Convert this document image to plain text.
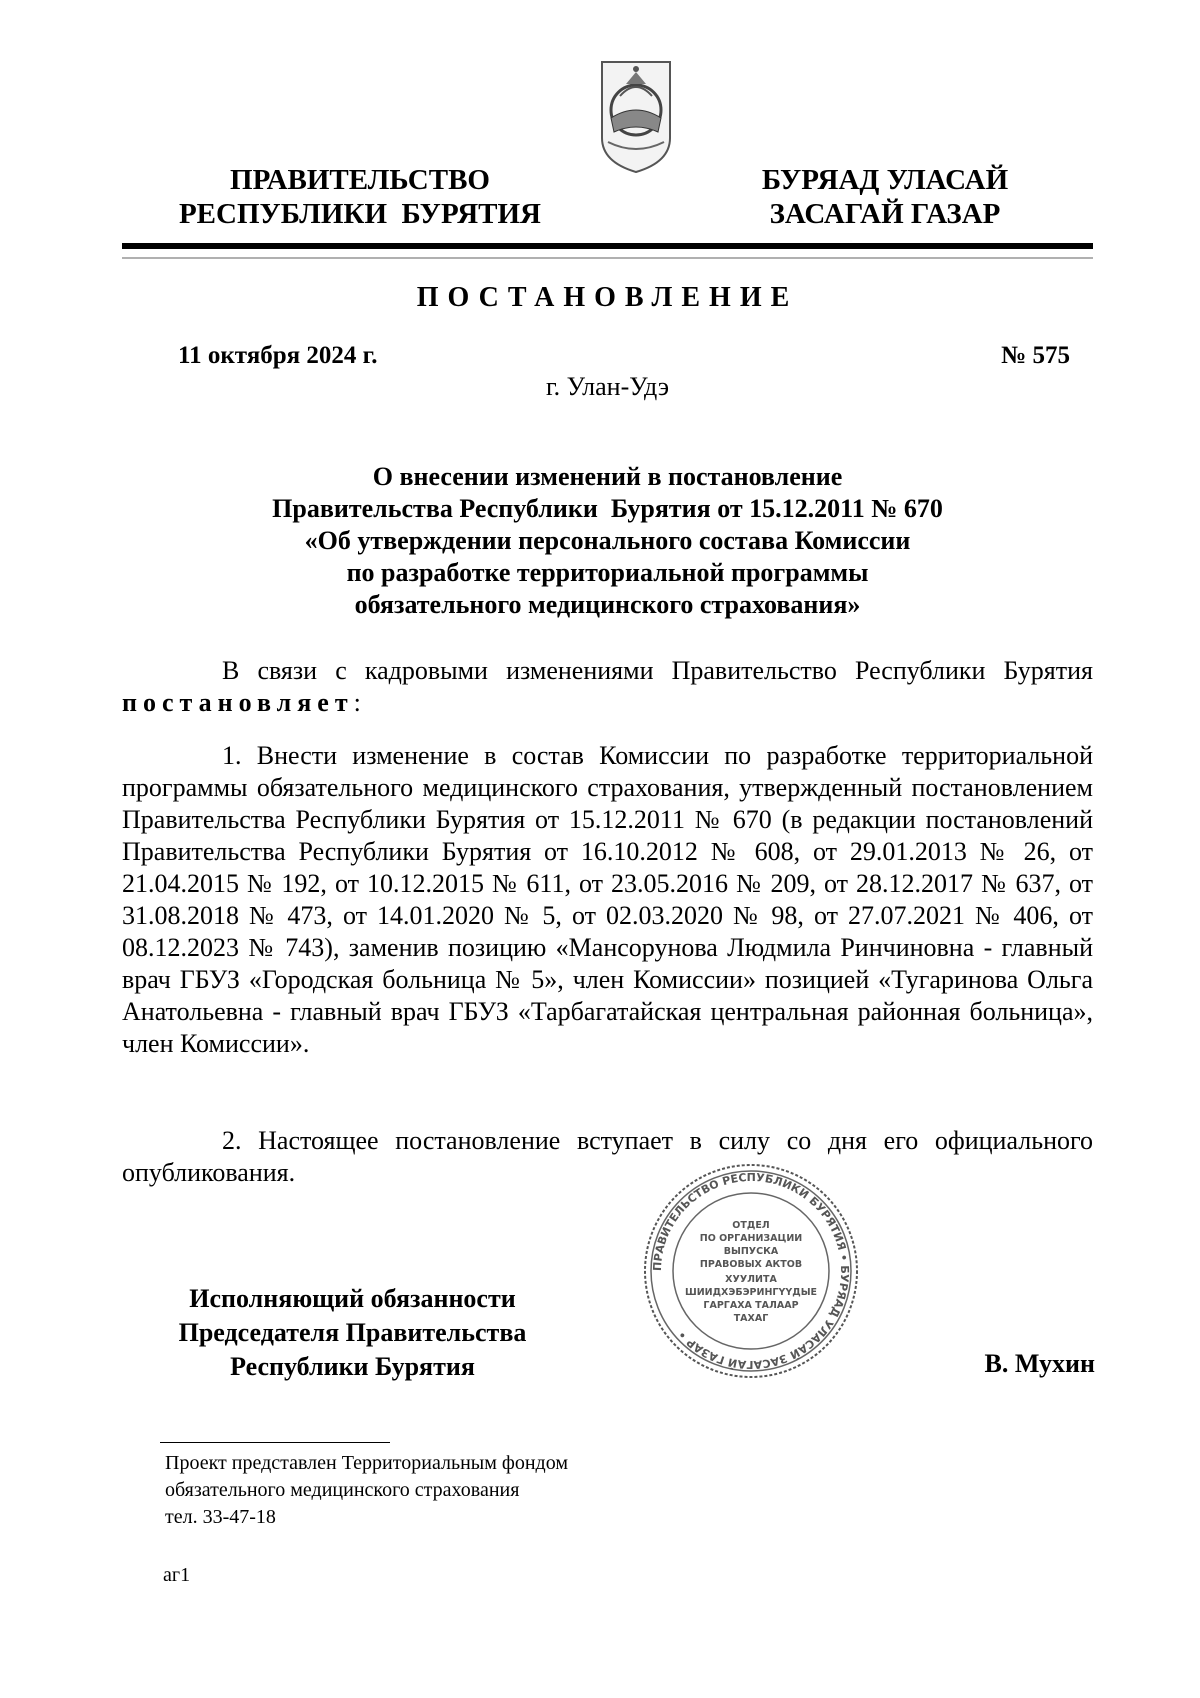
ПРАВИТЕЛЬСТВО
РЕСПУБЛИКИ  БУРЯТИЯ
БУРЯАД УЛАСАЙ
ЗАСАГАЙ ГАЗАР
ПОСТАНОВЛЕНИЕ
11 октября 2024 г.	№ 575
г. Улан-Удэ
О внесении изменений в постановление
Правительства Республики  Бурятия от 15.12.2011 № 670
«Об утверждении персонального состава Комиссии
по разработке территориальной программы
обязательного медицинского страхования»
В связи с кадровыми изменениями Правительство Республики Бурятия постановляет:
1. Внести изменение в состав Комиссии по разработке территориальной программы обязательного медицинского страхования, утвержденный постановлением Правительства Республики Бурятия от 15.12.2011 № 670 (в редакции постановлений Правительства Республики Бурятия от 16.10.2012 № 608, от 29.01.2013 № 26, от 21.04.2015 № 192, от 10.12.2015 № 611, от 23.05.2016 № 209, от 28.12.2017 № 637, от 31.08.2018 № 473, от 14.01.2020 № 5, от 02.03.2020 № 98, от 27.07.2021 № 406, от 08.12.2023 № 743), заменив позицию «Мансорунова Людмила Ринчиновна - главный врач ГБУЗ «Городская больница № 5», член Комиссии» позицией «Тугаринова Ольга Анатольевна - главный врач ГБУЗ «Тарбагатайская центральная районная больница», член Комиссии».
2. Настоящее постановление вступает в силу со дня его официального опубликования.
Исполняющий обязанности
Председателя Правительства
Республики Бурятия
ПРАВИТЕЛЬСТВО РЕСПУБЛИКИ БУРЯТИЯ • БУРЯАД УЛАСАЙ ЗАСАГАЙ ГАЗАР •
ОТДЕЛ
ПО ОРГАНИЗАЦИИ
ВЫПУСКА
ПРАВОВЫХ АКТОВ
ХУУЛИТА
ШИИДХЭБЭРИНГҮҮДЫЕ
ГАРГАХА ТАЛААР
ТАХАГ
В. Мухин
Проект представлен Территориальным фондом
обязательного медицинского страхования
тел. 33-47-18
аг1
